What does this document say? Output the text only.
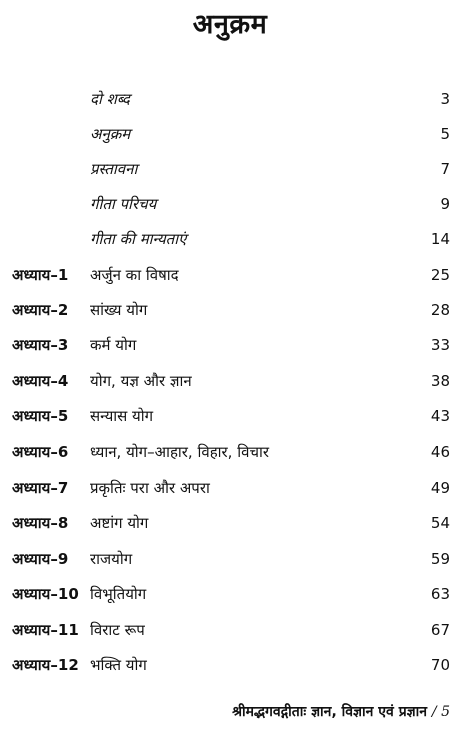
अनुक्रम
दो शब्द	3
अनुक्रम	5
प्रस्तावना	7
गीता परिचय	9
गीता की मान्यताएं	14
अध्याय–1 अर्जुन का विषाद	25
अध्याय–2 सांख्य योग	28
अध्याय–3 कर्म योग	33
अध्याय–4 योग, यज्ञ और ज्ञान	38
अध्याय–5 सन्यास योग	43
अध्याय–6 ध्यान, योग–आहार, विहार, विचार	46
अध्याय–7 प्रकृतिः परा और अपरा	49
अध्याय–8 अष्टांग योग	54
अध्याय–9 राजयोग	59
अध्याय–10 विभूतियोग	63
अध्याय–11 विराट रूप	67
अध्याय–12 भक्ति योग	70
श्रीमद्भगवद्गीताः ज्ञान, विज्ञान एवं प्रज्ञान / 5
